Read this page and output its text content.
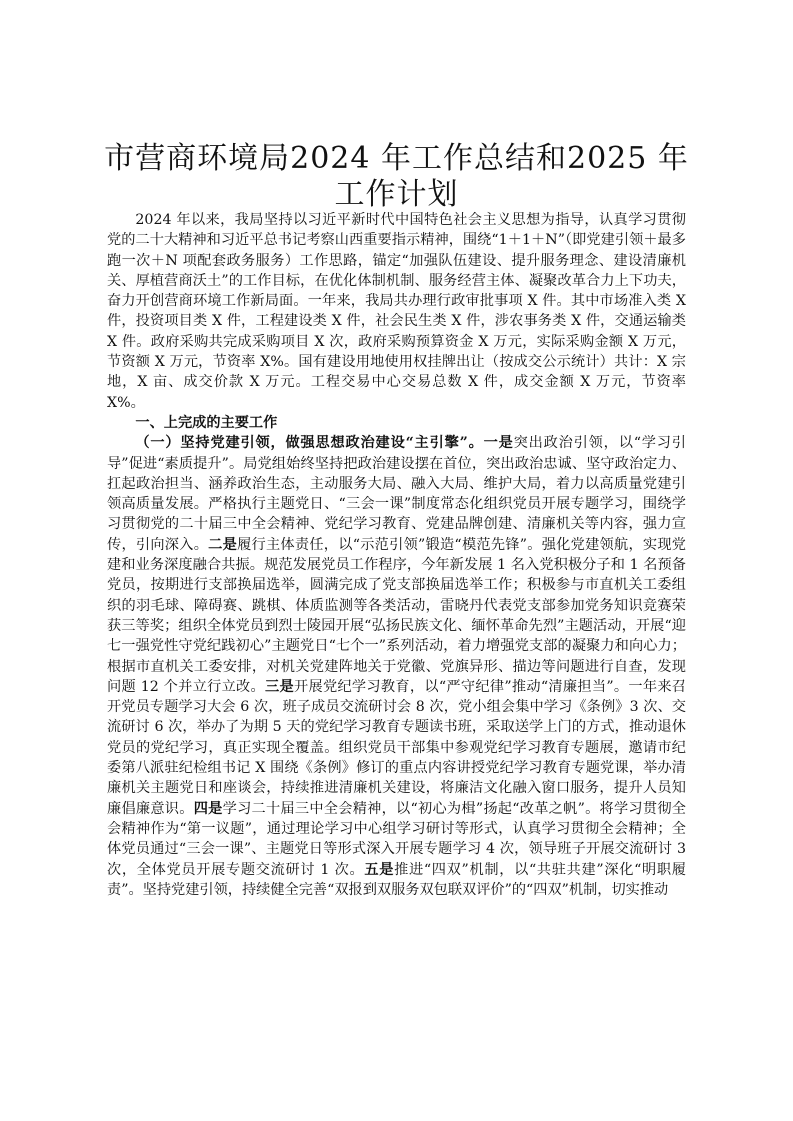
市营商环境局2024 年工作总结和2025 年工作计划

2024 年以来，我局坚持以习近平新时代中国特色社会主义思想为指导，认真学习贯彻党的二十大精神和习近平总书记考察山西重要指示精神，围绕“1＋1＋N”（即党建引领＋最多跑一次＋N 项配套政务服务）工作思路，锚定“加强队伍建设、提升服务理念、建设清廉机关、厚植营商沃土”的工作目标，在优化体制机制、服务经营主体、凝聚改革合力上下功夫，奋力开创营商环境工作新局面。一年来，我局共办理行政审批事项 X 件。其中市场准入类 X 件，投资项目类 X 件，工程建设类 X 件，社会民生类 X 件，涉农事务类 X 件，交通运输类 X 件。政府采购共完成采购项目 X 次，政府采购预算资金 X 万元，实际采购金额 X 万元，节资额 X 万元，节资率 X%。国有建设用地使用权挂牌出让（按成交公示统计）共计：X 宗地，X 亩、成交价款 X 万元。工程交易中心交易总数 X 件，成交金额 X 万元，节资率 X%。

一、上完成的主要工作

（一）坚持党建引领，做强思想政治建设“主引擎”。一是突出政治引领，以“学习引导”促进“素质提升”。局党组始终坚持把政治建设摆在首位，突出政治忠诚、坚守政治定力、扛起政治担当、涵养政治生态，主动服务大局、融入大局、维护大局，着力以高质量党建引领高质量发展。严格执行主题党日、“三会一课”制度常态化组织党员开展专题学习，围绕学习贯彻党的二十届三中全会精神、党纪学习教育、党建品牌创建、清廉机关等内容，强力宣传，引向深入。二是履行主体责任，以“示范引领”锻造“模范先锋”。强化党建领航，实现党建和业务深度融合共振。规范发展党员工作程序，今年新发展 1 名入党积极分子和 1 名预备党员，按期进行支部换届选举，圆满完成了党支部换届选举工作；积极参与市直机关工委组织的羽毛球、障碍赛、跳棋、体质监测等各类活动，雷晓丹代表党支部参加党务知识竞赛荣获三等奖；组织全体党员到烈士陵园开展“弘扬民族文化、缅怀革命先烈”主题活动，开展“迎七一强党性守党纪践初心”主题党日“七个一”系列活动，着力增强党支部的凝聚力和向心力；根据市直机关工委安排，对机关党建阵地关于党徽、党旗异形、描边等问题进行自查，发现问题 12 个并立行立改。三是开展党纪学习教育，以“严守纪律”推动“清廉担当”。一年来召开党员专题学习大会 6 次，班子成员交流研讨会 8 次，党小组会集中学习《条例》3 次、交流研讨 6 次，举办了为期 5 天的党纪学习教育专题读书班，采取送学上门的方式，推动退休党员的党纪学习，真正实现全覆盖。组织党员干部集中参观党纪学习教育专题展，邀请市纪委第八派驻纪检组书记 X 围绕《条例》修订的重点内容讲授党纪学习教育专题党课，举办清廉机关主题党日和座谈会，持续推进清廉机关建设，将廉洁文化融入窗口服务，提升人员知廉倡廉意识。四是学习二十届三中全会精神，以“初心为楫”扬起“改革之帆”。将学习贯彻全会精神作为“第一议题”，通过理论学习中心组学习研讨等形式，认真学习贯彻全会精神；全体党员通过“三会一课”、主题党日等形式深入开展专题学习 4 次，领导班子开展交流研讨 3 次，全体党员开展专题交流研讨 1 次。五是推进“四双”机制，以“共驻共建”深化“明职履责”。坚持党建引领，持续健全完善“双报到双服务双包联双评价”的“四双”机制，切实推动
